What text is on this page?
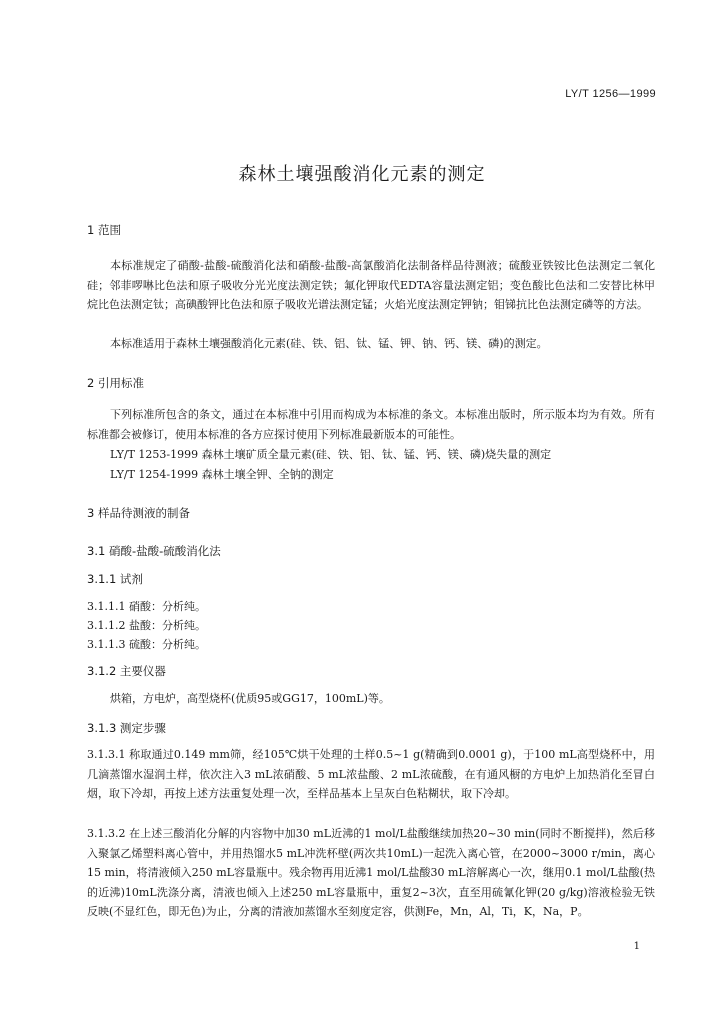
LY/T 1256—1999
森林土壤强酸消化元素的测定
1 范围
本标准规定了硝酸-盐酸-硫酸消化法和硝酸-盐酸-高氯酸消化法制备样品待测液；硫酸亚铁铵比色法测定二氧化硅；邻菲啰啉比色法和原子吸收分光光度法测定铁；氟化钾取代EDTA容量法测定铝；变色酸比色法和二安替比林甲烷比色法测定钛；高碘酸钾比色法和原子吸收光谱法测定锰；火焰光度法测定钾钠；钼锑抗比色法测定磷等的方法。
本标准适用于森林土壤强酸消化元素(硅、铁、铝、钛、锰、钾、钠、钙、镁、磷)的测定。
2 引用标准
下列标准所包含的条文，通过在本标准中引用而构成为本标准的条文。本标准出版时，所示版本均为有效。所有标准都会被修订，使用本标准的各方应探讨使用下列标准最新版本的可能性。
LY/T 1253-1999 森林土壤矿质全量元素(硅、铁、铝、钛、锰、钙、镁、磷)烧失量的测定
LY/T 1254-1999 森林土壤全钾、全钠的测定
3 样品待测液的制备
3.1 硝酸-盐酸-硫酸消化法
3.1.1 试剂
3.1.1.1 硝酸：分析纯。
3.1.1.2 盐酸：分析纯。
3.1.1.3 硫酸：分析纯。
3.1.2 主要仪器
烘箱，方电炉，高型烧杯(优质95或GG17，100mL)等。
3.1.3 测定步骤
3.1.3.1 称取通过0.149 mm筛，经105℃烘干处理的土样0.5~1 g(精确到0.0001 g)，于100 mL高型烧杯中，用几滴蒸馏水湿润土样，依次注入3 mL浓硝酸、5 mL浓盐酸、2 mL浓硫酸，在有通风橱的方电炉上加热消化至冒白烟，取下冷却，再按上述方法重复处理一次，至样品基本上呈灰白色粘糊状，取下冷却。
3.1.3.2 在上述三酸消化分解的内容物中加30 mL近沸的1 mol/L盐酸继续加热20~30 min(同时不断搅拌)，然后移入聚氯乙烯塑料离心管中，并用热馏水5 mL冲洗杯壁(两次共10mL)一起洗入离心管，在2000~3000 r/min，离心15 min，将清液倾入250 mL容量瓶中。残余物再用近沸1 mol/L盐酸30 mL溶解离心一次，继用0.1 mol/L盐酸(热的近沸)10mL洗涤分离，清液也倾入上述250 mL容量瓶中，重复2~3次，直至用硫氰化钾(20 g/kg)溶液检验无铁反映(不显红色，即无色)为止，分离的清液加蒸馏水至刻度定容，供测Fe，Mn，Al，Ti，K，Na，P。
1
